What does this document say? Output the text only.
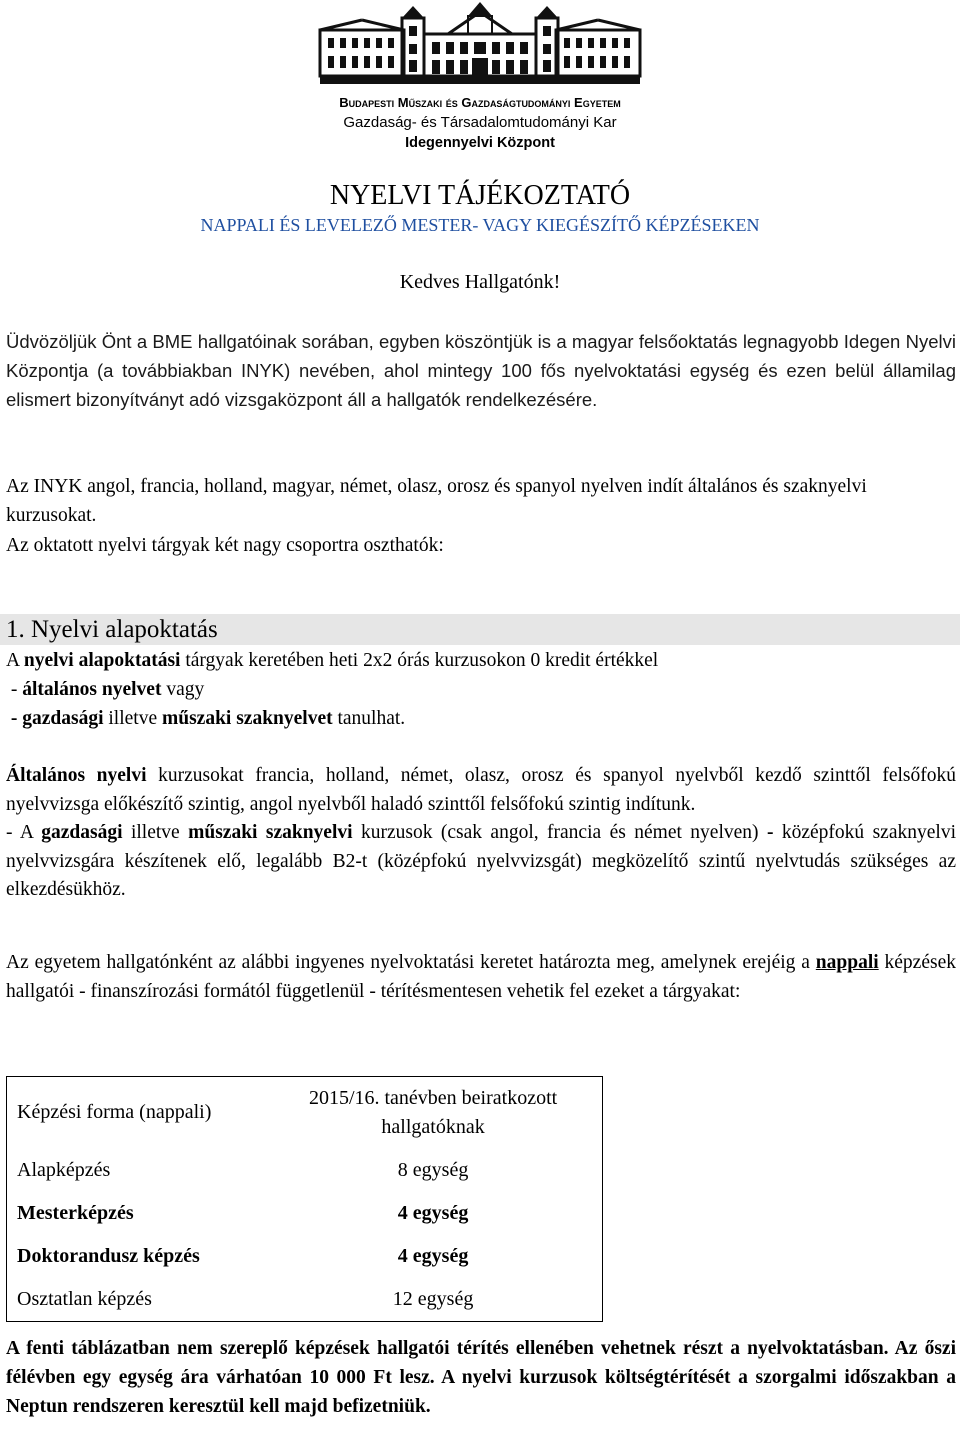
Budapesti Műszaki és Gazdaságtudományi Egyetem
Gazdaság- és Társadalomtudományi Kar
Idegennyelvi Központ
NYELVI TÁJÉKOZTATÓ
NAPPALI ÉS LEVELEZŐ MESTER- VAGY KIEGÉSZÍTŐ KÉPZÉSEKEN
Kedves Hallgatónk!
Üdvözöljük Önt a BME hallgatóinak sorában, egyben köszöntjük is a magyar felsőoktatás legnagyobb Idegen Nyelvi Központja (a továbbiakban INYK) nevében, ahol mintegy 100 fős nyelvoktatási egység és ezen belül államilag elismert bizonyítványt adó vizsgaközpont áll a hallgatók rendelkezésére.
Az INYK angol, francia, holland, magyar, német, olasz, orosz és spanyol nyelven indít általános és szaknyelvi kurzusokat.
Az oktatott nyelvi tárgyak két nagy csoportra oszthatók:
1. Nyelvi alapoktatás
A nyelvi alapoktatási tárgyak keretében heti 2x2 órás kurzusokon 0 kredit értékkel
- általános nyelvet vagy
- gazdasági illetve műszaki szaknyelvet tanulhat.
Általános nyelvi kurzusokat francia, holland, német, olasz, orosz és spanyol nyelvből kezdő szinttől felsőfokú nyelvvizsga előkészítő szintig, angol nyelvből haladó szinttől felsőfokú szintig indítunk.
- A gazdasági illetve műszaki szaknyelvi kurzusok (csak angol, francia és német nyelven) - középfokú szaknyelvi nyelvvizsgára készítenek elő, legalább B2-t (középfokú nyelvvizsgát) megközelítő szintű nyelvtudás szükséges az elkezdésükhöz.
Az egyetem hallgatónként az alábbi ingyenes nyelvoktatási keretet határozta meg, amelynek erejéig a nappali képzések hallgatói - finanszírozási formától függetlenül - térítésmentesen vehetik fel ezeket a tárgyakat:
Képzési forma (nappali)	2015/16. tanévben beiratkozott hallgatóknak
Alapképzés	8 egység
Mesterképzés	4 egység
Doktorandusz képzés	4 egység
Osztatlan képzés	12 egység
A fenti táblázatban nem szereplő képzések hallgatói térítés ellenében vehetnek részt a nyelvoktatásban. Az őszi félévben egy egység ára várhatóan 10 000 Ft lesz. A nyelvi kurzusok költségtérítését a szorgalmi időszakban a Neptun rendszeren keresztül kell majd befizetniük.
